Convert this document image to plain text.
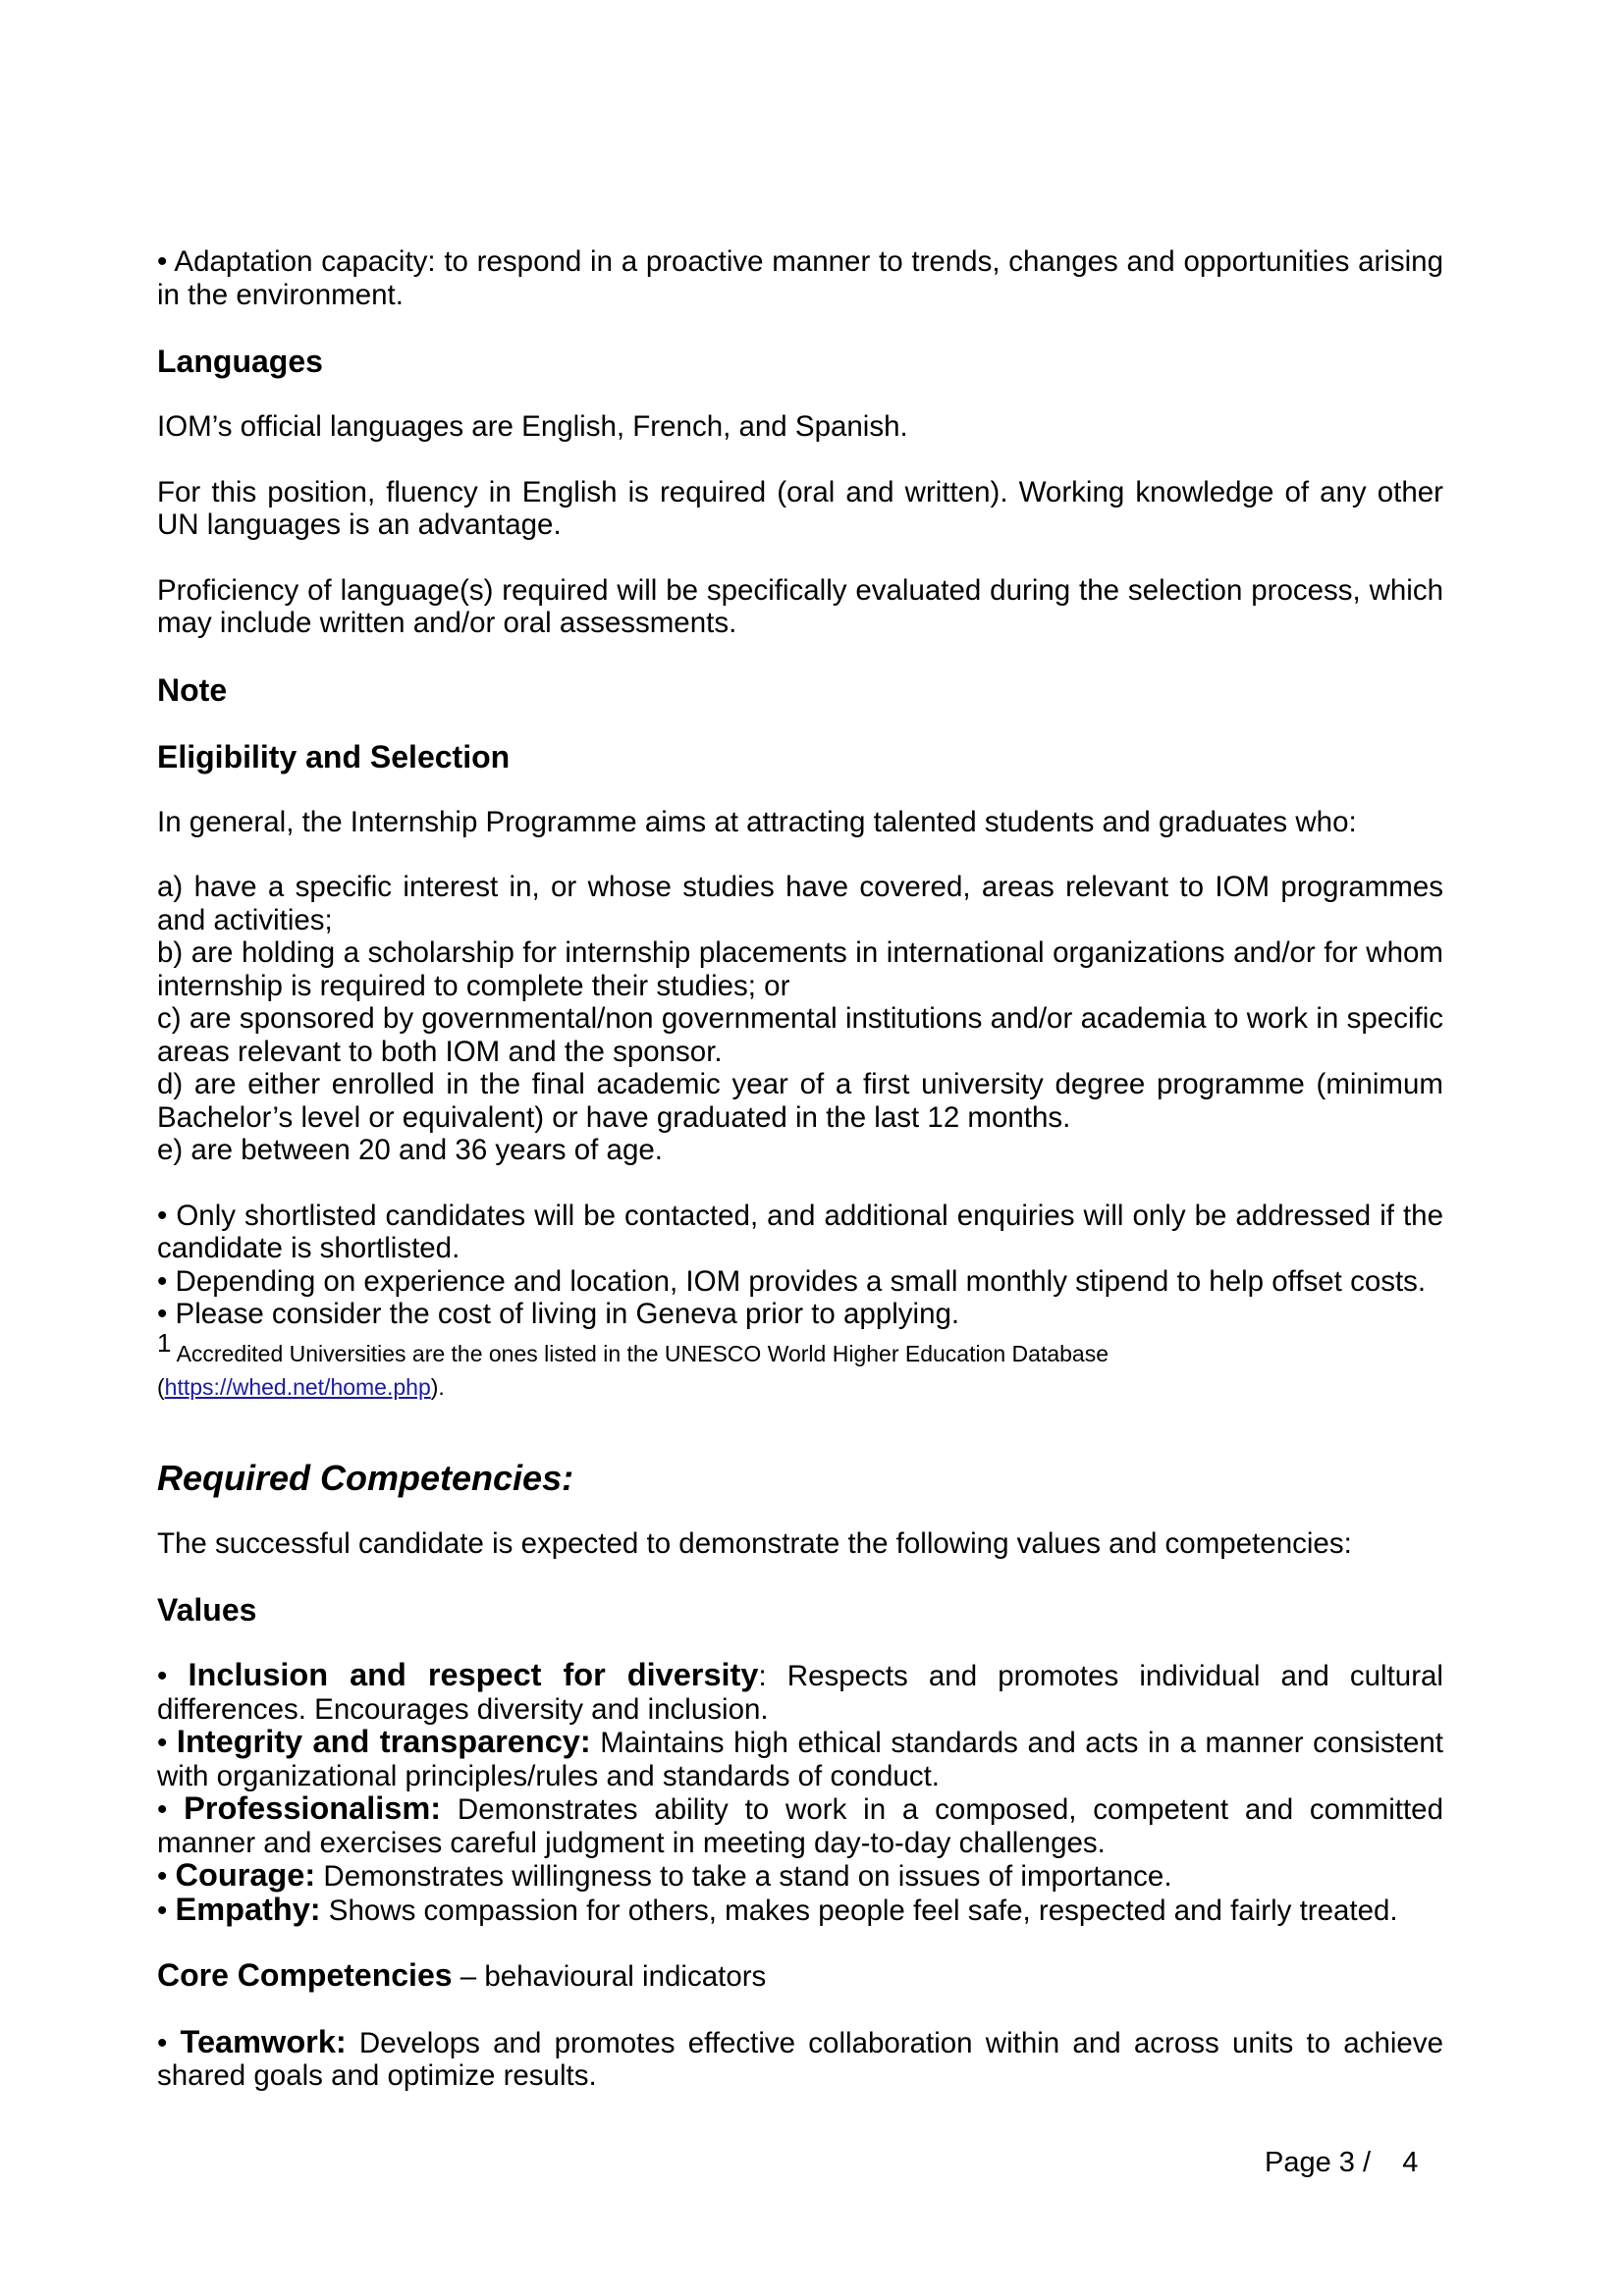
• Adaptation capacity: to respond in a proactive manner to trends, changes and opportunities arising in the environment.

Languages

IOM’s official languages are English, French, and Spanish.

For this position, fluency in English is required (oral and written). Working knowledge of any other UN languages is an advantage.

Proficiency of language(s) required will be specifically evaluated during the selection process, which may include written and/or oral assessments.

Note

Eligibility and Selection

In general, the Internship Programme aims at attracting talented students and graduates who:

a) have a specific interest in, or whose studies have covered, areas relevant to IOM programmes and activities;

b) are holding a scholarship for internship placements in international organizations and/or for whom internship is required to complete their studies; or

c) are sponsored by governmental/non governmental institutions and/or academia to work in specific areas relevant to both IOM and the sponsor.

d) are either enrolled in the final academic year of a first university degree programme (minimum Bachelor’s level or equivalent) or have graduated in the last 12 months.

e) are between 20 and 36 years of age.

• Only shortlisted candidates will be contacted, and additional enquiries will only be addressed if the candidate is shortlisted.

• Depending on experience and location, IOM provides a small monthly stipend to help offset costs.

• Please consider the cost of living in Geneva prior to applying.

$^1$ Accredited Universities are the ones listed in the UNESCO World Higher Education Database

(https://whed.net/home.php).

Required Competencies:

The successful candidate is expected to demonstrate the following values and competencies:

Values

• Inclusion and respect for diversity: Respects and promotes individual and cultural differences. Encourages diversity and inclusion.

• Integrity and transparency: Maintains high ethical standards and acts in a manner consistent with organizational principles/rules and standards of conduct.

• Professionalism: Demonstrates ability to work in a composed, competent and committed manner and exercises careful judgment in meeting day-to-day challenges.

• Courage: Demonstrates willingness to take a stand on issues of importance.

• Empathy: Shows compassion for others, makes people feel safe, respected and fairly treated.

Core Competencies – behavioural indicators

• Teamwork: Develops and promotes effective collaboration within and across units to achieve shared goals and optimize results.

Page 3 /    4
